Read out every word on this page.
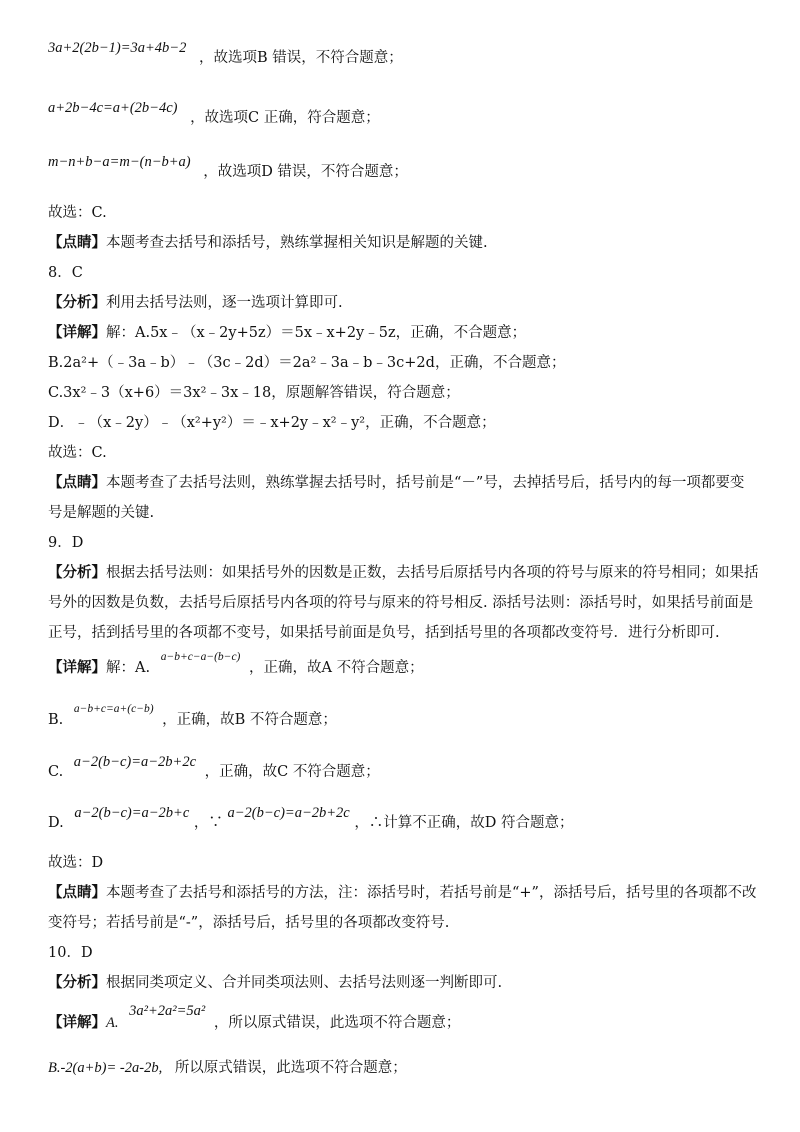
3a+2(2b−1)=3a+4b−2 ，故选项B 错误，不符合题意；
a+2b−4c=a+(2b−4c) ，故选项C 正确，符合题意；
m−n+b−a=m−(n−b+a) ，故选项D 错误，不符合题意；
故选：C.
【点睛】本题考查去括号和添括号，熟练掌握相关知识是解题的关键.
8．C
【分析】利用去括号法则，逐一选项计算即可.
【详解】解：A.5x﹣（x﹣2y+5z）＝5x﹣x+2y﹣5z，正确，不合题意；
B.2a²+（﹣3a﹣b）﹣（3c﹣2d）＝2a²﹣3a﹣b﹣3c+2d，正确，不合题意；
C.3x²﹣3（x+6）＝3x²﹣3x﹣18，原题解答错误，符合题意；
D．﹣（x﹣2y）﹣（x²+y²）＝﹣x+2y﹣x²﹣y²，正确，不合题意；
故选：C.
【点睛】本题考查了去括号法则，熟练掌握去括号时，括号前是“－”号，去掉括号后，括号内的每一项都要变
号是解题的关键.
9．D
【分析】根据去括号法则：如果括号外的因数是正数，去括号后原括号内各项的符号与原来的符号相同；如果括
号外的因数是负数，去括号后原括号内各项的符号与原来的符号相反. 添括号法则：添括号时，如果括号前面是
正号，括到括号里的各项都不变号，如果括号前面是负号，括到括号里的各项都改变符号．进行分析即可.
【详解】解：A. $^{a-b+c-a-(b-c)}$ ，正确，故A 不符合题意；
B. $^{a-b+c=a+(c-b)}$ ，正确，故B 不符合题意；
C. a−2(b−c)=a−2b+2c ，正确，故C 不符合题意；
D. a−2(b−c)=a−2b+c ，∵ a−2(b−c)=a−2b+2c ，∴计算不正确，故D 符合题意；
故选：D
【点睛】本题考查了去括号和添括号的方法，注：添括号时，若括号前是“+”，添括号后，括号里的各项都不改
变符号；若括号前是“-”，添括号后，括号里的各项都改变符号.
10．D
【分析】根据同类项定义、合并同类项法则、去括号法则逐一判断即可.
【详解】A. 3a²+2a²=5a² ，所以原式错误，此选项不符合题意；
B.-2(a+b)= -2a-2b, 所以原式错误，此选项不符合题意；
